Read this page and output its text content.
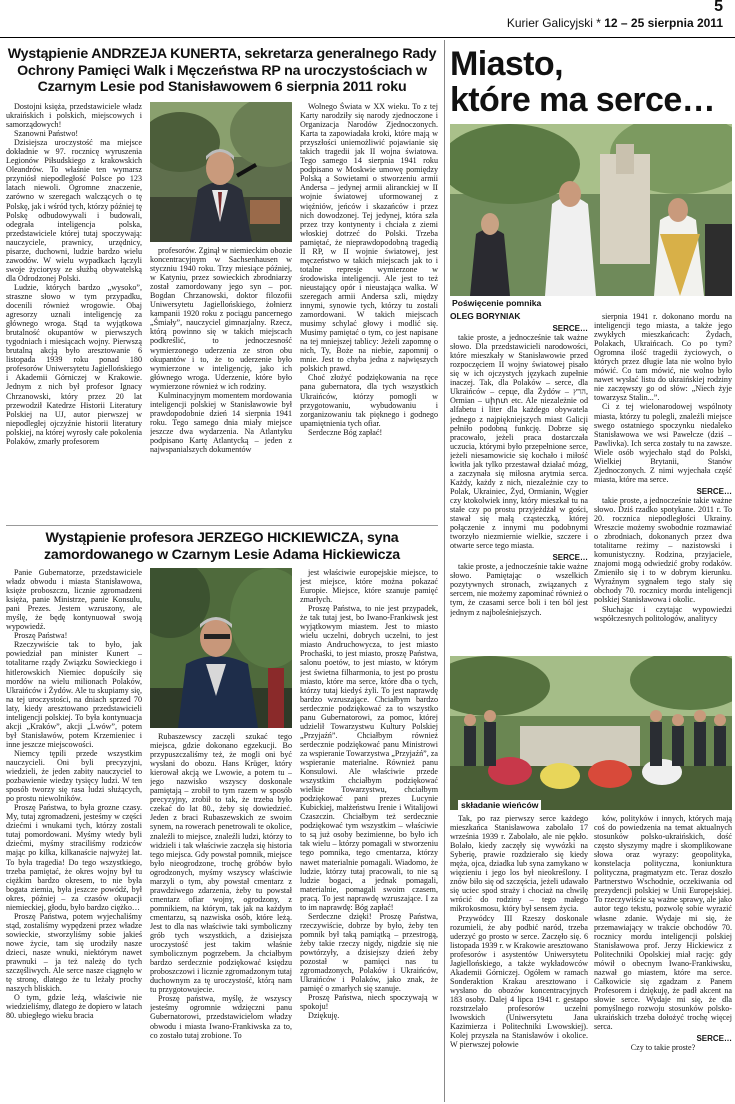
5
Kurier Galicyjski * 12 – 25 sierpnia 2011
Wystąpienie ANDRZEJA KUNERTA, sekretarza generalnego Rady Ochrony Pamięci Walk i Męczeństwa RP na uroczystościach w Czarnym Lesie pod Stanisławowem 6 sierpnia 2011 roku

Dostojni księża, przedstawiciele władz ukraińskich i polskich, miejscowych i samorządowych!

Szanowni Państwo!

Dzisiejsza uroczystość ma miejsce dokładnie w 97. rocznicę wyruszenia Legionów Piłsudskiego z krakowskich Oleandrów. To właśnie ten wymarsz przyniósł niepodległość Polsce po 123 latach niewoli. Ogromne znaczenie, zarówno w szeregach walczących o tę Polskę, jak i wśród tych, którzy później tę Polskę odbudowywali i budowali, odegrała inteligencja polska, przedstawiciele której tutaj spoczywają: nauczyciele, prawnicy, urzędnicy, pisarze, duchowni, ludzie bardzo wielu zawodów. W wielu wypadkach łączyli swoje życiorysy ze służbą obywatelską dla Odrodzonej Polski.

Ludzie, których bardzo „wysoko”, straszne słowo w tym przypadku, docenili również wrogowie. Obaj agresorzy uznali inteligencję za głównego wroga. Stąd ta wyjątkowa brutalność okupantów w pierwszych tygodniach i miesiącach wojny. Pierwszą brutalną akcją było aresztowanie 6 listopada 1939 roku ponad 180 profesorów Uniwersytetu Jagiellońskiego i Akademii Górniczej w Krakowie. Jednym z nich był profesor Ignacy Chrzanowski, który przez 20 lat przewodził Katedrze Historii Literatury Polskiej na UJ, autor pierwszej w niepodległej ojczyźnie historii literatury polskiej, na której wyrosły całe pokolenia Polaków, zmarły profesorem

profesorów. Zginął w niemieckim obozie koncentracyjnym w Sachsenhausen w styczniu 1940 roku. Trzy miesiące później, w Katyniu, przez sowieckich zbrodniarzy został zamordowany jego syn – por. Bogdan Chrzanowski, doktor filozofii Uniwersytetu Jagiellońskiego, żołnierz kampanii 1920 roku z pociągu pancernego „Śmiały”, nauczyciel gimnazjalny. Rzecz, którą powinno się w takich miejscach podkreślić, to jednoczesność wymierzonego uderzenia ze stron obu okupantów i to, że to uderzenie było wymierzone w inteligencję, jako ich głównego wroga. Uderzenie, które było wymierzone również w ich rodziny.

Kulminacyjnym momentem mordowania inteligencji polskiej w Stanisławowie był prawdopodobnie dzień 14 sierpnia 1941 roku. Tego samego dnia miały miejsce jeszcze dwa wydarzenia. Na Atlantyku podpisano Kartę Atlantycką – jeden z najwspanialszych dokumentów

Wolnego Świata w XX wieku. To z tej Karty narodziły się narody zjednoczone i Organizacja Narodów Zjednoczonych. Karta ta zapowiadała kroki, które mają w przyszłości uniemożliwić pojawianie się takich tragedii jak II wojna światowa. Tego samego 14 sierpnia 1941 roku podpisano w Moskwie umowę pomiędzy Polską a Sowietami o stworzeniu armii Andersa – jedynej armii aliranckiej w II wojnie światowej uformowanej z więźniów, jeńców i skazańców i przez nich dowodzonej. Tej jedynej, która szła przez trzy kontynenty i chciała z ziemi włoskiej dotrzeć do Polski. Trzeba pamiętać, że nieprawdopodobną tragedią II RP, w II wojnie światowej, jest męczeństwo w takich miejscach jak to i totalne represje wymierzone w środowiska inteligencji. Ale jest to też nieustający opór i nieustająca walka. W szeregach armii Andersa szli, między innymi, synowie tych, którzy tu zostali zamordowani. W takich miejscach musimy schylać głowy i modlić się. Musimy pamiętać o tym, co jest napisane na tej mniejszej tablicy: Jeżeli zapomnę o nich, Ty, Boże na niebie, zapomnij o mnie. Jest to chyba jedna z najwięszych polskich prawd.

Choć złożyć podziękowania na ręce pana gubernatora, dla tych wszystkich Ukraińców, którzy pomogli w przygotowaniu, wybudowaniu i zorganizowaniu tak pięknego i godnego upamiętnienia tych ofiar.

Serdeczne Bóg zapłać!

Wystąpienie profesora JERZEGO HICKIEWICZA, syna zamordowanego w Czarnym Lesie Adama Hickiewicza

Panie Gubernatorze, przedstawiciele władz obwodu i miasta Stanisławowa, księże proboszczu, licznie zgromadzeni księża, panie Ministrze, panie Konsulu, pani Prezes. Jestem wzruszony, ale myślę, że będę kontynuował swoją wypowiedź.

Proszę Państwa!

Rzeczywiście tak to było, jak powiedział pan minister Kunert – totalitarne rządy Związku Sowieckiego i hitlerowskich Niemiec dopuściły się mordów na wielu milionach Polaków, Ukraińców i Żydów. Ale tu skupiamy się, na tej uroczystości, na dniach sprzed 70 laty, kiedy aresztowano przedstawicieli inteligencji polskiej. To była kontynuacja akcji „Kraków”, akcji „Lwów”, potem był Stanisławów, potem Krzemieniec i inne jeszcze miejscowości.

Niemcy tępili przede wszystkim nauczycieli. Oni byli precyzyjni, wiedzieli, że jeden zabity nauczyciel to pozbawienie wiedzy tysięcy ludzi. W ten sposób tworzy się rasa ludzi służących, po prostu niewolników.

Proszę Państwa, to była grozne czasy. My, tutaj zgromadzeni, jesteśmy w części dziećmi i wnukami tych, którzy zostali tutaj pomordowani. Myśmy wtedy byli dziećmi, myśmy straciliśmy rodziców mając po kilka, kilkanaście najwyżej lat. To była tragedia! Do tego wszystkiego, trzeba pamiętać, że okres wojny był tu ciężkim bardzo okresem, to nie była bogata ziemia, była jeszcze powódź, był okres, później – za czasów okupacji niemieckiej, głodu, było bardzo ciężko…

Proszę Państwa, potem wyjechaliśmy stąd, zostaliśmy wypędzeni przez władze sowieckie, stworzyliśmy sobie jakieś nowe życie, tam się urodziły nasze dzieci, nasze wnuki, niektórym nawet prawnuki – ja też należę do tych szczęśliwych. Ale serce nasze ciągnęło w tę stronę, dlatego że tu leżały prochy naszych bliskich.

O tym, gdzie leżą, właściwie nie wiedzieliśmy, dlatego że dopiero w latach 80. ubiegłego wieku bracia

Rubaszewscy zaczęli szukać tego miejsca, gdzie dokonano egzekucji. Bo przypuszczaliśmy też, że mogli oni być wysłani do obozu. Hans Krüger, który kierował akcją we Lwowie, a potem tu – jego nazwisko wszyscy doskonale pamiętają – zrobił to tym razem w sposób precyzyjny, zrobił to tak, że trzeba było czekać do lat 80., żeby się dowiedzieć. Jeden z braci Rubaszewskich ze swoim synem, na rowerach penetrowali te okolice, znaleźli to miejsce, znaleźli ludzi, którzy to widzieli i tak właściwie zaczęła się historia tego miejsca. Gdy powstał pomnik, miejsce było nieogrodzone, trochę gróbów było ogrodzonych, myśmy wszyscy właściwie marzyli o tym, aby powstał cmentarz z prawdziwego zdarzenia, żeby tu powstał cmentarz ofiar wojny, ogrodzony, z pomnikiem, na którym, tak jak na każdym cmentarzu, są nazwiska osób, które leżą. Jest to dla nas właściwie taki symboliczny grób tych wszystkich, a dzisiejsza uroczystość jest takim właśnie symbolicznym pogrzebem. Ja chciałbym bardzo serdecznie podziękować księdzu proboszczowi i licznie zgromadzonym tutaj duchownym za tę uroczystość, którą nam tu przygotowujecie.

Proszę państwa, myślę, że wszyscy jesteśmy ogromnie wdzięczni panu Gubernatorowi, przedstawicielom władzy obwodu i miasta Iwano-Frankiwska za to, co zostało tutaj zrobione. To

jest właściwie europejskie miejsce, to jest miejsce, które można pokazać Europie. Miejsce, które szanuje pamięć zmarłych.

Proszę Państwa, to nie jest przypadek, że tak tutaj jest, bo Iwano-Frankiwsk jest wyjątkowym miastem. Jest to miasto wielu uczelni, dobrych uczelni, to jest miasto Andruchowycza, to jest miasto Prochaśki, to jest miasto, proszę Państwa, salonu poetów, to jest miasto, w którym jest świetna filharmonia, to jest po prostu miasto, które ma serce, które dba o tych, którzy tutaj kiedyś żyli. To jest naprawdę bardzo wzruszające. Chciałbym bardzo serdecznie podziękować za to wszystko panu Gubernatorowi, za pomoc, której udzielił Towarzystwu Kultury Polskiej „Przyjaźń”. Chciałbym również serdecznie podziękować panu Ministrowi za wspieranie Towarzystwa „Przyjaźń”, za wspieranie materialne. Również panu Konsulowi. Ale właściwie przede wszystkim chciałbym podziękować wielkie Towarzystwu, chciałbym podziękować pani prezes Lucynie Kubickiej, małżeństwu Irenie i Witalijowi Czaszczin. Chciałbym też serdecznie podziękować tym wszystkim – właściwie to są już osoby bezimienne, bo było ich tak wielu – którzy pomagali w stworzeniu tego pomnika, tego cmentarza, którzy nawet materialnie pomagali. Wiadomo, że ludzie, którzy tutaj pracowali, to nie są ludzie bogaci, a jednak pomagali, materialnie, pomagali swoim czasem, pracą. To jest naprawdę wzruszające. I za to im naprawdę: Bóg zapłać!

Serdeczne dzięki! Proszę Państwa, rzeczywiście, dobrze by było, żeby ten pomnik był taką pamiątką – przestrogą, żeby takie rzeczy nigdy, nigdzie się nie powtórzyły, a dzisiejszy dzień żeby pozostał w pamięci nas tu zgromadzonych, Polaków i Ukraińców, Ukraińców i Polaków, jako znak, że pamięć o zmarłych się szanuje.

Proszę Państwa, niech spoczywają w spokoju!

Dziękuję.

Miasto,
które ma serce…
Poświęcenie pomnika

OLEG BORYNIAK

SERCE…

takie proste, a jednocześnie tak ważne słowo. Dla przedstawicieli narodowości, które mieszkały w Stanisławowie przed rozpoczęciem II wojny światowej pisało się w ich ojczystych językach zupełnie inaczej. Tak, dla Polaków – serce, dla Ukraińców – серце, dla Żydów – הרץ, Ormian – սիրտ etc. Ale niezależnie od alfabetu i liter dla każdego obywatela jednego z najpiękniejszych miast Galicji pełniło podobną funkcję. Dobrze się pracowało, jeżeli praca dostarczała uczucia, którymi było przepełnione serce, jeżeli niesamowicie się kochało i miłość kwitła jak tylko przestawał działać mózg, a zaczynała się miłosna arytmia serca. Każdy, każdy z nich, niezależnie czy to Polak, Ukrainiec, Żyd, Ormianin, Węgier czy ktokolwiek inny, który mieszkał tu na stałe czy po prostu przyjeżdżał w gości, stawał się małą cząsteczką, której połączenie z innymi mu podobnymi tworzyło niezmiernie wielkie, szczere i otwarte serce tego miasta.

SERCE…

takie proste, a jednocześnie takie ważne słowo. Pamiętając o wszelkich pozytywnych stronach, związanych z sercem, nie możemy zapominać również o tym, że czasami serce boli i ten ból jest jednym z najboleśniejszych.

sierpnia 1941 r. dokonano mordu na inteligencji tego miasta, a także jego zwykłych mieszkańcach: Żydach, Polakach, Ukraińcach. Co po tym? Ogromna ilość tragedii życiowych, o których przez długie lata nie wolno było mówić. Co tam mówić, nie wolno było nawet wysłać listu do ukraińskiej rodziny nie zaczęwszy go od słów: „Niech żyje towarzysz Stalin...”.

Ci z tej wielonarodowej wspólnoty miasta, którzy tu polegli, znaleźli miejsce swego ostatniego spoczynku niedaleko Stanisławowa we wsi Pawełcze (dziś – Pawlivka). Ich serca zostały tu na zawsze. Wiele osób wyjechało stąd do Polski, Wielkiej Brytanii, Stanów Zjednoczonych. Z nimi wyjechała część miasta, które ma serce.

SERCE…

takie proste, a jednocześnie takie ważne słowo. Dziś rzadko spotykane. 2011 r. To 20. rocznica niepodległości Ukrainy. Wreszcie możemy swobodnie rozmawiać o zbrodniach, dokonanych przez dwa totalitarne reżimy – nazistowski i komunistyczny. Rodzina, przyjaciele, znajomi mogą odwiedzić groby rodaków. Zmieniło się i to w dobrym kierunku. Wyraźnym sygnałem tego stały się obchody 70. rocznicy mordu inteligencji polskiej Stanisławowa i okolic.

Słuchając i czytając wypowiedzi współczesnych politologów, analitycy

składanie wieńców

Tak, po raz pierwszy serce każdego mieszkańca Stanisławowa zabolało 17 września 1939 r. Zabolało, ale nie pękło. Bolało, kiedy zaczęły się wywózki na Syberię, prawie rozdzierało się kiedy męża, ojca, dziadka lub syna zamykano w więzieniu i jego los był nieokreślony. I znów biło się od szczęścia, jeżeli udawało się uciec spod straży i chociaż na chwilę wrócić do rodziny – tego małego mikrokosmosu, który był sensem życia.

Przywódcy III Rzeszy doskonale rozumieli, że aby podbić naród, trzeba uderzyć go prosto w serce. Zaczęło się. 6 listopada 1939 r. w Krakowie aresztowano profesorów i asystentów Uniwersytetu Jagiellońskiego, a także wykładowców Akademii Górniczej. Ogółem w ramach Sonderaktion Krakau aresztowano i wysłano do obozów koncentracyjnych 183 osoby. Dalej 4 lipca 1941 r. gestapo rozstrzelało profesorów uczelni lwowskich (Uniwersytetu Jana Kazimierza i Politechniki Lwowskiej). Kolej przyszła na Stanisławów i okolice. W pierwszej połowie

ków, polityków i innych, których mają coś do powiedzenia na temat aktualnych stosunków polsko-ukraińskich, dość często słyszymy mądre i skomplikowane słowa oraz wyrazy: geopolityka, konstelacja polityczna, koniunktura polityczna, pragmatyzm etc. Teraz doszło Partnerstwo Wschodnie, oczekiwania od prezydencji polskiej w Unii Europejskiej. To rzeczywiście są ważne sprawy, ale jako autor tego tekstu, pozwolę sobie wyrazić własne zdanie. Wydaje mi się, że przemawiający w trakcie obchodów 70. rocznicy mordu inteligencji polskiej Stanisławowa prof. Jerzy Hickiewicz z Politechniki Opolskiej miał rację: gdy mówił o obecnym Iwano-Frankiwsku, nazwał go miastem, które ma serce. Całkowicie się zgadzam z Panem Profesorem i dziękuję, że padł akcent na słowie serce. Wydaje mi się, że dla pomyślnego rozwoju stosunków polsko-ukraińskich trzeba dołożyć trochę więcej serca.

SERCE…

Czy to takie proste?
